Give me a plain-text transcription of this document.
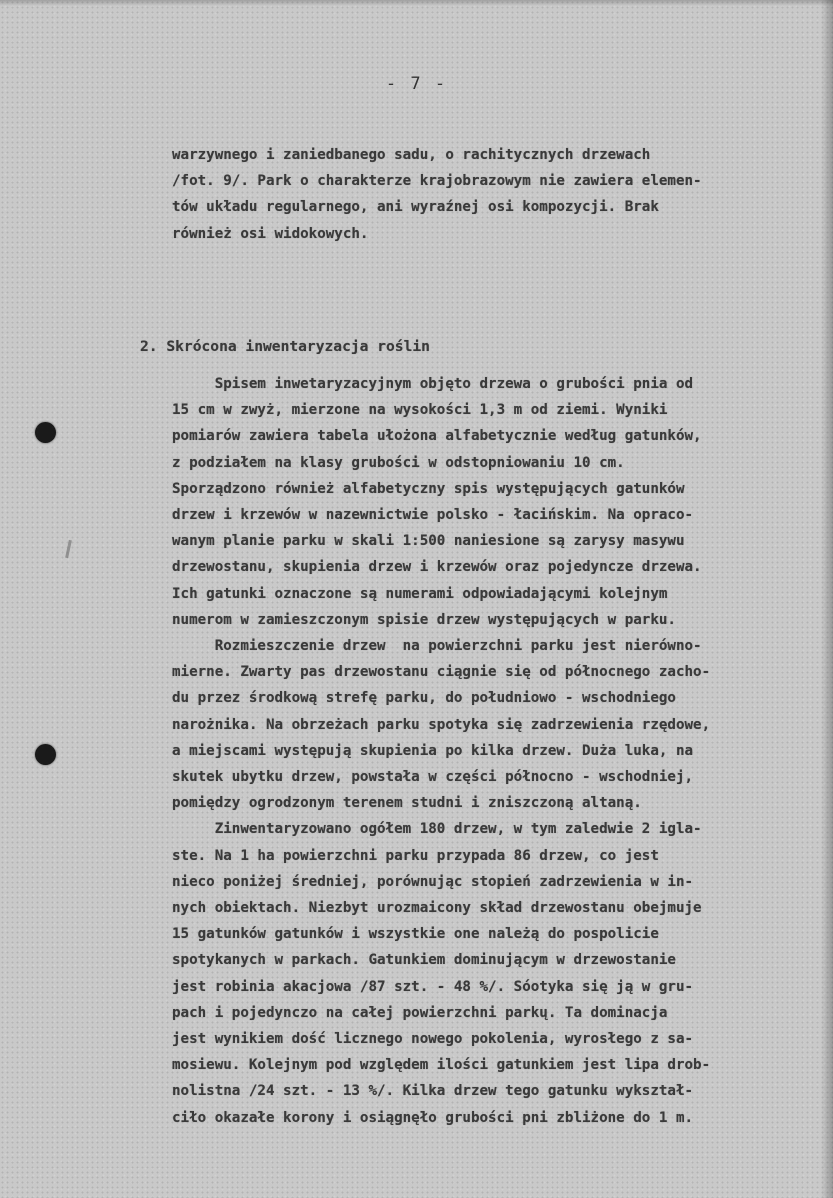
- 7 -
warzywnego i zaniedbanego sadu, o rachitycznych drzewach
/fot. 9/. Park o charakterze krajobrazowym nie zawiera elemen-
tów układu regularnego, ani wyraźnej osi kompozycji. Brak
również osi widokowych.
2. Skrócona inwentaryzacja roślin
Spisem inwetaryzacyjnym objęto drzewa o grubości pnia od
15 cm w zwyż, mierzone na wysokości 1,3 m od ziemi. Wyniki
pomiarów zawiera tabela ułożona alfabetycznie według gatunków,
z podziałem na klasy grubości w odstopniowaniu 10 cm.
Sporządzono również alfabetyczny spis występujących gatunków
drzew i krzewów w nazewnictwie polsko - łacińskim. Na opraco-
wanym planie parku w skali 1:500 naniesione są zarysy masywu
drzewostanu, skupienia drzew i krzewów oraz pojedyncze drzewa.
Ich gatunki oznaczone są numerami odpowiadającymi kolejnym
numerom w zamieszczonym spisie drzew występujących w parku.
Rozmieszczenie drzew  na powierzchni parku jest nierówno-
mierne. Zwarty pas drzewostanu ciągnie się od północnego zacho-
du przez środkową strefę parku, do południowo - wschodniego
narożnika. Na obrzeżach parku spotyka się zadrzewienia rzędowe,
a miejscami występują skupienia po kilka drzew. Duża luka, na
skutek ubytku drzew, powstała w części północno - wschodniej,
pomiędzy ogrodzonym terenem studni i zniszczoną altaną.
Zinwentaryzowano ogółem 180 drzew, w tym zaledwie 2 igla-
ste. Na 1 ha powierzchni parku przypada 86 drzew, co jest
nieco poniżej średniej, porównując stopień zadrzewienia w in-
nych obiektach. Niezbyt urozmaicony skład drzewostanu obejmuje
15 gatunków gatunków i wszystkie one należą do pospolicie
spotykanych w parkach. Gatunkiem dominującym w drzewostanie
jest robinia akacjowa /87 szt. - 48 %/. Sóotyka się ją w gru-
pach i pojedynczo na całej powierzchni parkų. Ta dominacja
jest wynikiem dość licznego nowego pokolenia, wyrosłego z sa-
mosiewu. Kolejnym pod względem ilości gatunkiem jest lipa drob-
nolistna /24 szt. - 13 %/. Kilka drzew tego gatunku wykształ-
ciło okazałe korony i osiągnęło grubości pni zbliżone do 1 m.
